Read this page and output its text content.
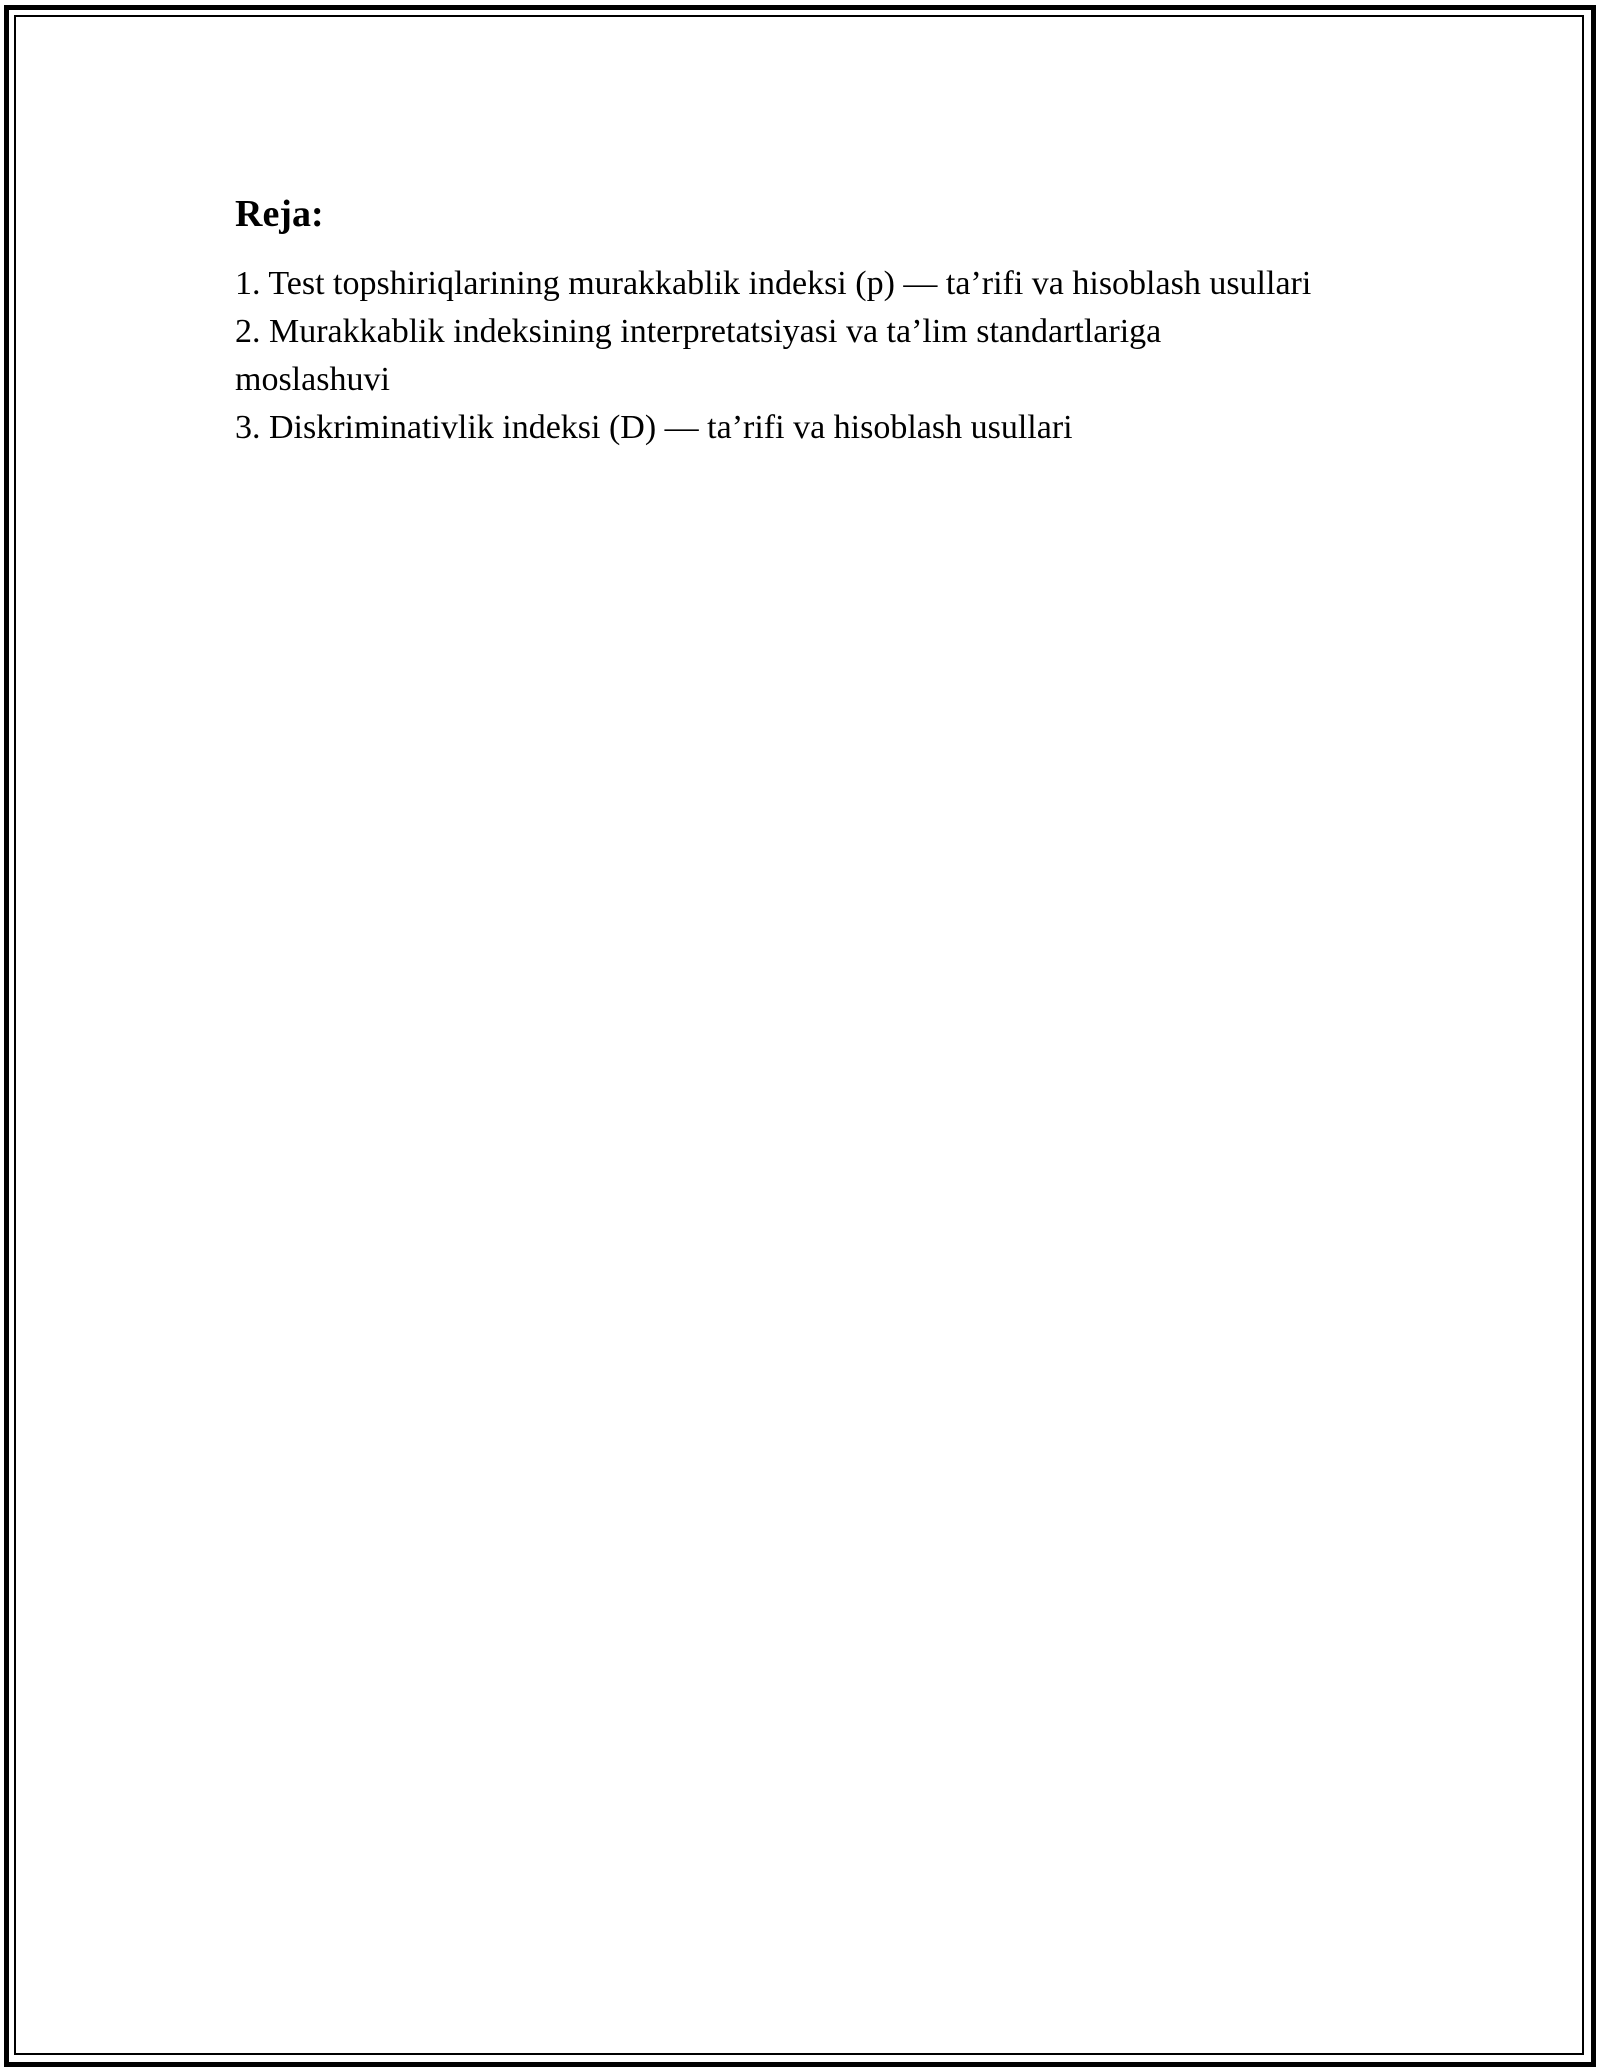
Reja:
1. Test topshiriqlarining murakkablik indeksi (p) — ta’rifi va hisoblash usullari
2. Murakkablik indeksining interpretatsiyasi va ta’lim standartlariga moslashuvi
3. Diskriminativlik indeksi (D) — ta’rifi va hisoblash usullari
